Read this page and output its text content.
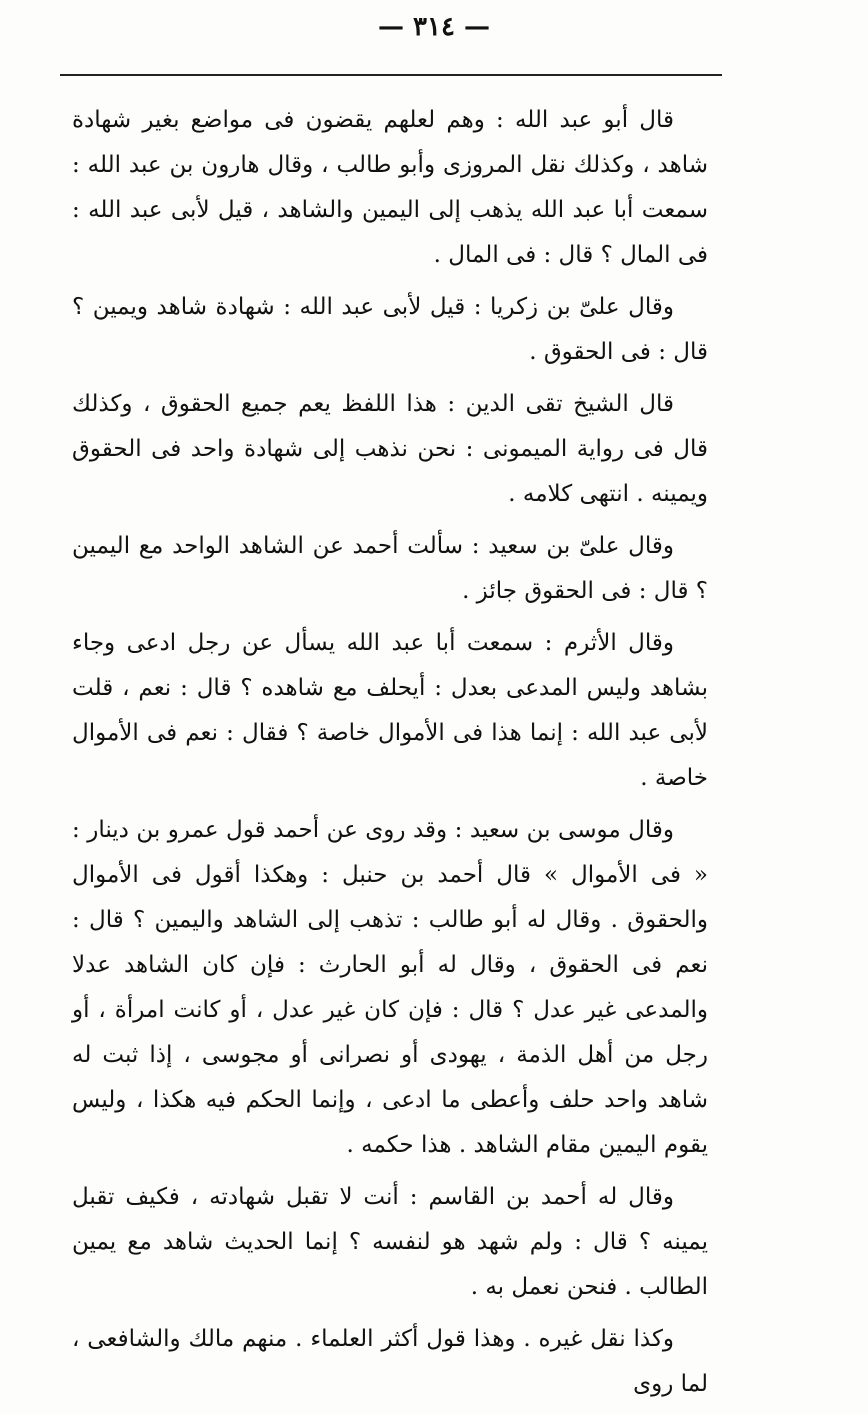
— ٣١٤ —

قال أبو عبد الله : وهم لعلهم يقضون فى مواضع بغير شهادة شاهد ، وكذلك نقل المروزى وأبو طالب ، وقال هارون بن عبد الله : سمعت أبا عبد الله يذهب إلى اليمين والشاهد ، قيل لأبى عبد الله : فى المال ؟ قال : فى المال .

وقال علىّ بن زكريا : قيل لأبى عبد الله : شهادة شاهد ويمين ؟ قال : فى الحقوق .

قال الشيخ تقى الدين : هذا اللفظ يعم جميع الحقوق ، وكذلك قال فى رواية الميمونى : نحن نذهب إلى شهادة واحد فى الحقوق ويمينه . انتهى كلامه .

وقال علىّ بن سعيد : سألت أحمد عن الشاهد الواحد مع اليمين ؟ قال : فى الحقوق جائز .

وقال الأثرم : سمعت أبا عبد الله يسأل عن رجل ادعى وجاء بشاهد وليس المدعى بعدل : أيحلف مع شاهده ؟ قال : نعم ، قلت لأبى عبد الله : إنما هذا فى الأموال خاصة ؟ فقال : نعم فى الأموال خاصة .

وقال موسى بن سعيد : وقد روى عن أحمد قول عمرو بن دينار : « فى الأموال » قال أحمد بن حنبل : وهكذا أقول فى الأموال والحقوق . وقال له أبو طالب : تذهب إلى الشاهد واليمين ؟ قال : نعم فى الحقوق ، وقال له أبو الحارث : فإن كان الشاهد عدلا والمدعى غير عدل ؟ قال : فإن كان غير عدل ، أو كانت امرأة ، أو رجل من أهل الذمة ، يهودى أو نصرانى أو مجوسى ، إذا ثبت له شاهد واحد حلف وأعطى ما ادعى ، وإنما الحكم فيه هكذا ، وليس يقوم اليمين مقام الشاهد . هذا حكمه .

وقال له أحمد بن القاسم : أنت لا تقبل شهادته ، فكيف تقبل يمينه ؟ قال : ولم شهد هو لنفسه ؟ إنما الحديث شاهد مع يمين الطالب . فنحن نعمل به .

وكذا نقل غيره . وهذا قول أكثر العلماء . منهم مالك والشافعى ، لما روى
